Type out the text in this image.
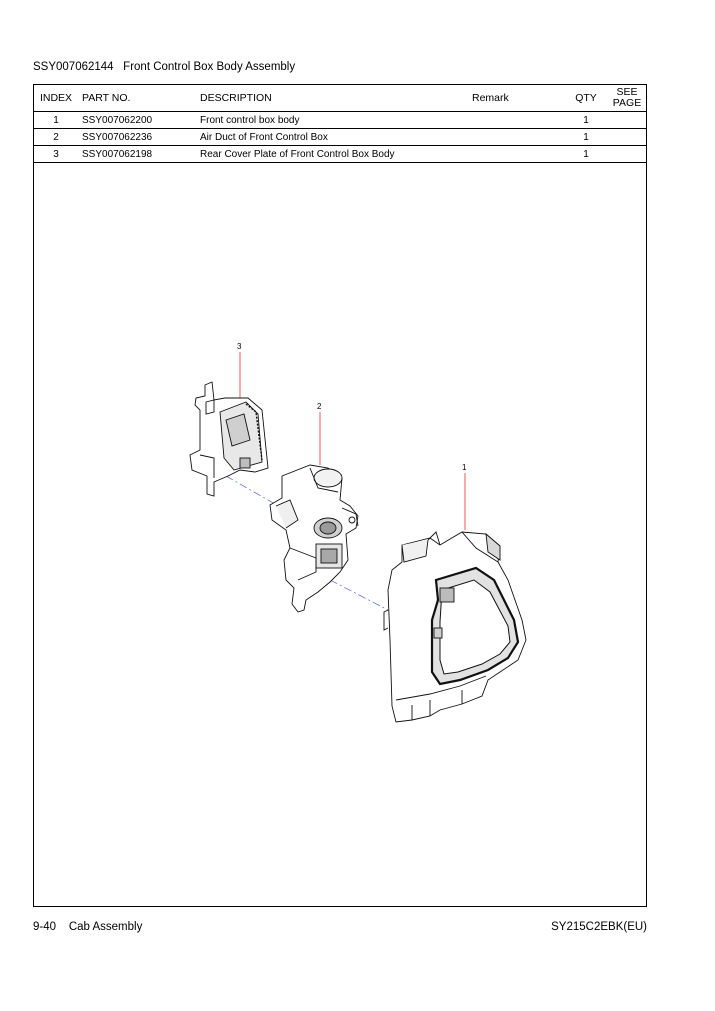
SSY007062144 Front Control Box Body Assembly
INDEX	PART NO.	DESCRIPTION	Remark	QTY	SEE
PAGE
1	SSY007062200	Front control box body		1	
2	SSY007062236	Air Duct of Front Control Box		1	
3	SSY007062198	Rear Cover Plate of Front Control Box Body		1	
3
2
1
9-40 Cab Assembly	SY215C2EBK(EU)
